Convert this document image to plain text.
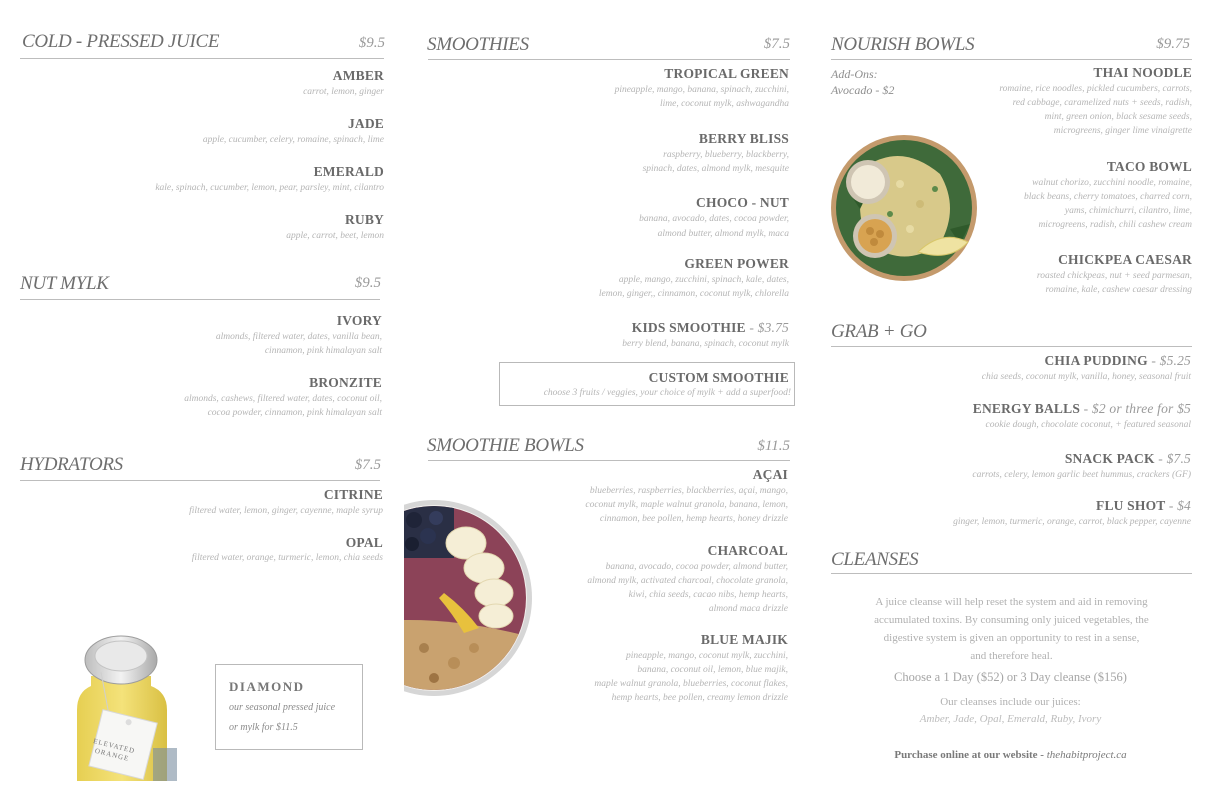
COLD - PRESSED JUICE	$9.5
AMBER
carrot, lemon, ginger
JADE
apple, cucumber, celery, romaine, spinach, lime
EMERALD
kale, spinach, cucumber, lemon, pear, parsley, mint, cilantro
RUBY
apple, carrot, beet, lemon
NUT MYLK	$9.5
IVORY
almonds, filtered water, dates, vanilla bean,
cinnamon, pink himalayan salt
BRONZITE
almonds, cashews, filtered water, dates, coconut oil,
cocoa powder, cinnamon, pink himalayan salt
HYDRATORS	$7.5
CITRINE
filtered water, lemon, ginger, cayenne, maple syrup
OPAL
filtered water, orange, turmeric, lemon, chia seeds
ELEVATED ORANGE
DIAMOND
our seasonal pressed juice
or mylk for $11.5
SMOOTHIES	$7.5
TROPICAL GREEN
pineapple, mango, banana, spinach, zucchini,
lime, coconut mylk, ashwagandha
BERRY BLISS
raspberry, blueberry, blackberry,
spinach, dates, almond mylk, mesquite
CHOCO - NUT
banana, avocado, dates, cocoa powder,
almond butter, almond mylk, maca
GREEN POWER
apple, mango, zucchini, spinach, kale, dates,
lemon, ginger,, cinnamon, coconut mylk, chlorella
KIDS SMOOTHIE - $3.75
berry blend, banana, spinach, coconut mylk
CUSTOM SMOOTHIE
choose 3 fruits / veggies, your choice of mylk + add a superfood!
SMOOTHIE BOWLS	$11.5
AÇAI
blueberries, raspberries, blackberries, açai, mango,
coconut mylk, maple walnut granola, banana, lemon,
cinnamon, bee pollen, hemp hearts, honey drizzle
CHARCOAL
banana, avocado, cocoa powder, almond butter,
almond mylk, activated charcoal, chocolate granola,
kiwi, chia seeds, cacao nibs, hemp hearts,
almond maca drizzle
BLUE MAJIK
pineapple, mango, coconut mylk, zucchini,
banana, coconut oil, lemon, blue majik,
maple walnut granola, blueberries, coconut flakes,
hemp hearts, bee pollen, creamy lemon drizzle
NOURISH BOWLS	$9.75
Add-Ons:
Avocado - $2
THAI NOODLE
romaine, rice noodles, pickled cucumbers, carrots,
red cabbage, caramelized nuts + seeds, radish,
mint, green onion, black sesame seeds,
microgreens, ginger lime vinaigrette
TACO BOWL
walnut chorizo, zucchini noodle, romaine,
black beans, cherry tomatoes, charred corn,
yams, chimichurri, cilantro, lime,
microgreens, radish, chili cashew cream
CHICKPEA CAESAR
roasted chickpeas, nut + seed parmesan,
romaine, kale, cashew caesar dressing
GRAB + GO
CHIA PUDDING - $5.25
chia seeds, coconut mylk, vanilla, honey, seasonal fruit
ENERGY BALLS - $2 or three for $5
cookie dough, chocolate coconut, + featured seasonal
SNACK PACK - $7.5
carrots, celery, lemon garlic beet hummus, crackers (GF)
FLU SHOT - $4
ginger, lemon, turmeric, orange, carrot, black pepper, cayenne
CLEANSES
A juice cleanse will help reset the system and aid in removing
accumulated toxins. By consuming only juiced vegetables, the
digestive system is given an opportunity to rest in a sense,
and therefore heal.
Choose a 1 Day ($52) or 3 Day cleanse ($156)
Our cleanses include our juices:
Amber, Jade, Opal, Emerald, Ruby, Ivory
Purchase online at our website - thehabitproject.ca
